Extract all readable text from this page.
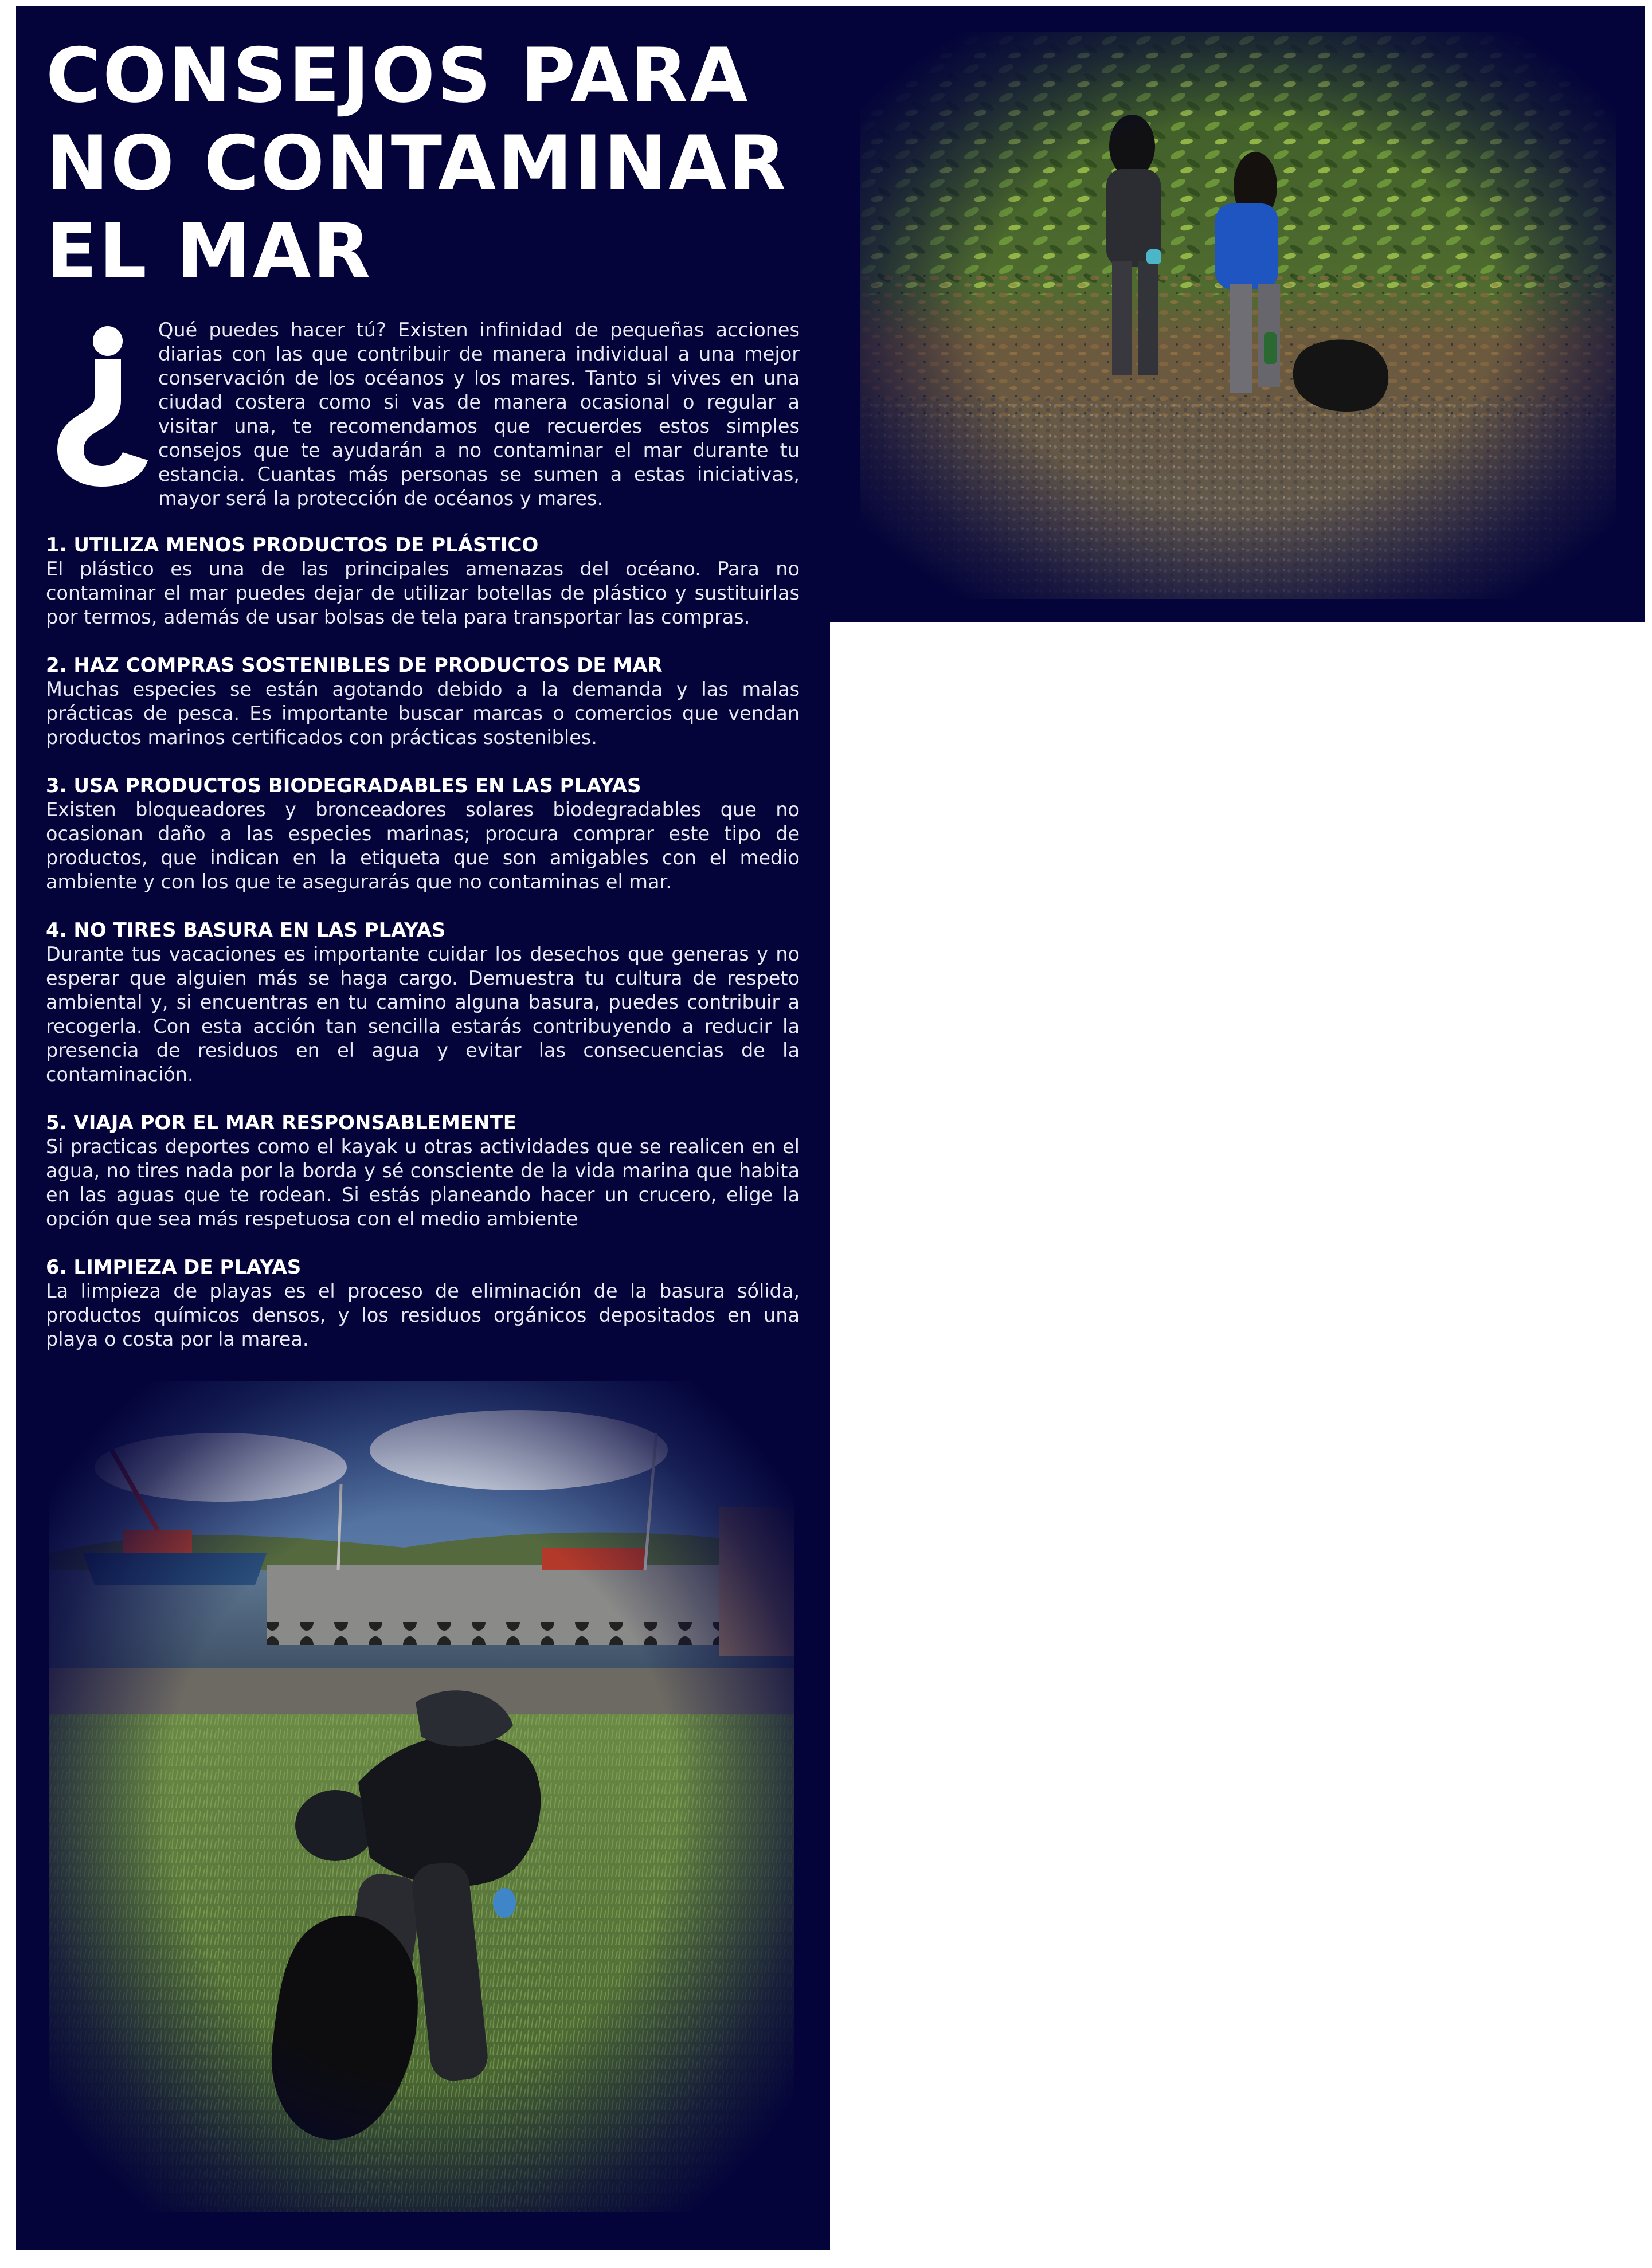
CONSEJOS PARA
NO CONTAMINAR
EL MAR
Qué puedes hacer tú? Existen infinidad de pequeñas acciones diarias con las que contribuir de manera individual a una mejor conservación de los océanos y los mares. Tanto si vives en una ciudad costera como si vas de manera ocasional o regular a visitar una, te recomendamos que recuerdes estos simples consejos que te ayudarán a no contaminar el mar durante tu estancia. Cuantas más personas se sumen a estas iniciativas, mayor será la protección de océanos y mares.

1. UTILIZA MENOS PRODUCTOS DE PLÁSTICO

El plástico es una de las principales amenazas del océano. Para no contaminar el mar puedes dejar de utilizar botellas de plástico y sustituirlas por termos, además de usar bolsas de tela para transportar las compras.

2. HAZ COMPRAS SOSTENIBLES DE PRODUCTOS DE MAR

Muchas especies se están agotando debido a la demanda y las malas prácticas de pesca. Es importante buscar marcas o comercios que vendan productos marinos certificados con prácticas sostenibles.

3. USA PRODUCTOS BIODEGRADABLES EN LAS PLAYAS

Existen bloqueadores y bronceadores solares biodegradables que no ocasionan daño a las especies marinas; procura comprar este tipo de productos, que indican en la etiqueta que son amigables con el medio ambiente y con los que te asegurarás que no contaminas el mar.

4. NO TIRES BASURA EN LAS PLAYAS

Durante tus vacaciones es importante cuidar los desechos que generas y no esperar que alguien más se haga cargo. Demuestra tu cultura de respeto ambiental y, si encuentras en tu camino alguna basura, puedes contribuir a recogerla. Con esta acción tan sencilla estarás contribuyendo a reducir la presencia de residuos en el agua y evitar las consecuencias de la contaminación.

5. VIAJA POR EL MAR RESPONSABLEMENTE

Si practicas deportes como el kayak u otras actividades que se realicen en el agua, no tires nada por la borda y sé consciente de la vida marina que habita en las aguas que te rodean. Si estás planeando hacer un crucero, elige la opción que sea más respetuosa con el medio ambiente

6. LIMPIEZA DE PLAYAS

La limpieza de playas es el proceso de eliminación de la basura sólida, productos químicos densos, y los residuos orgánicos depositados en una playa o costa por la marea.
